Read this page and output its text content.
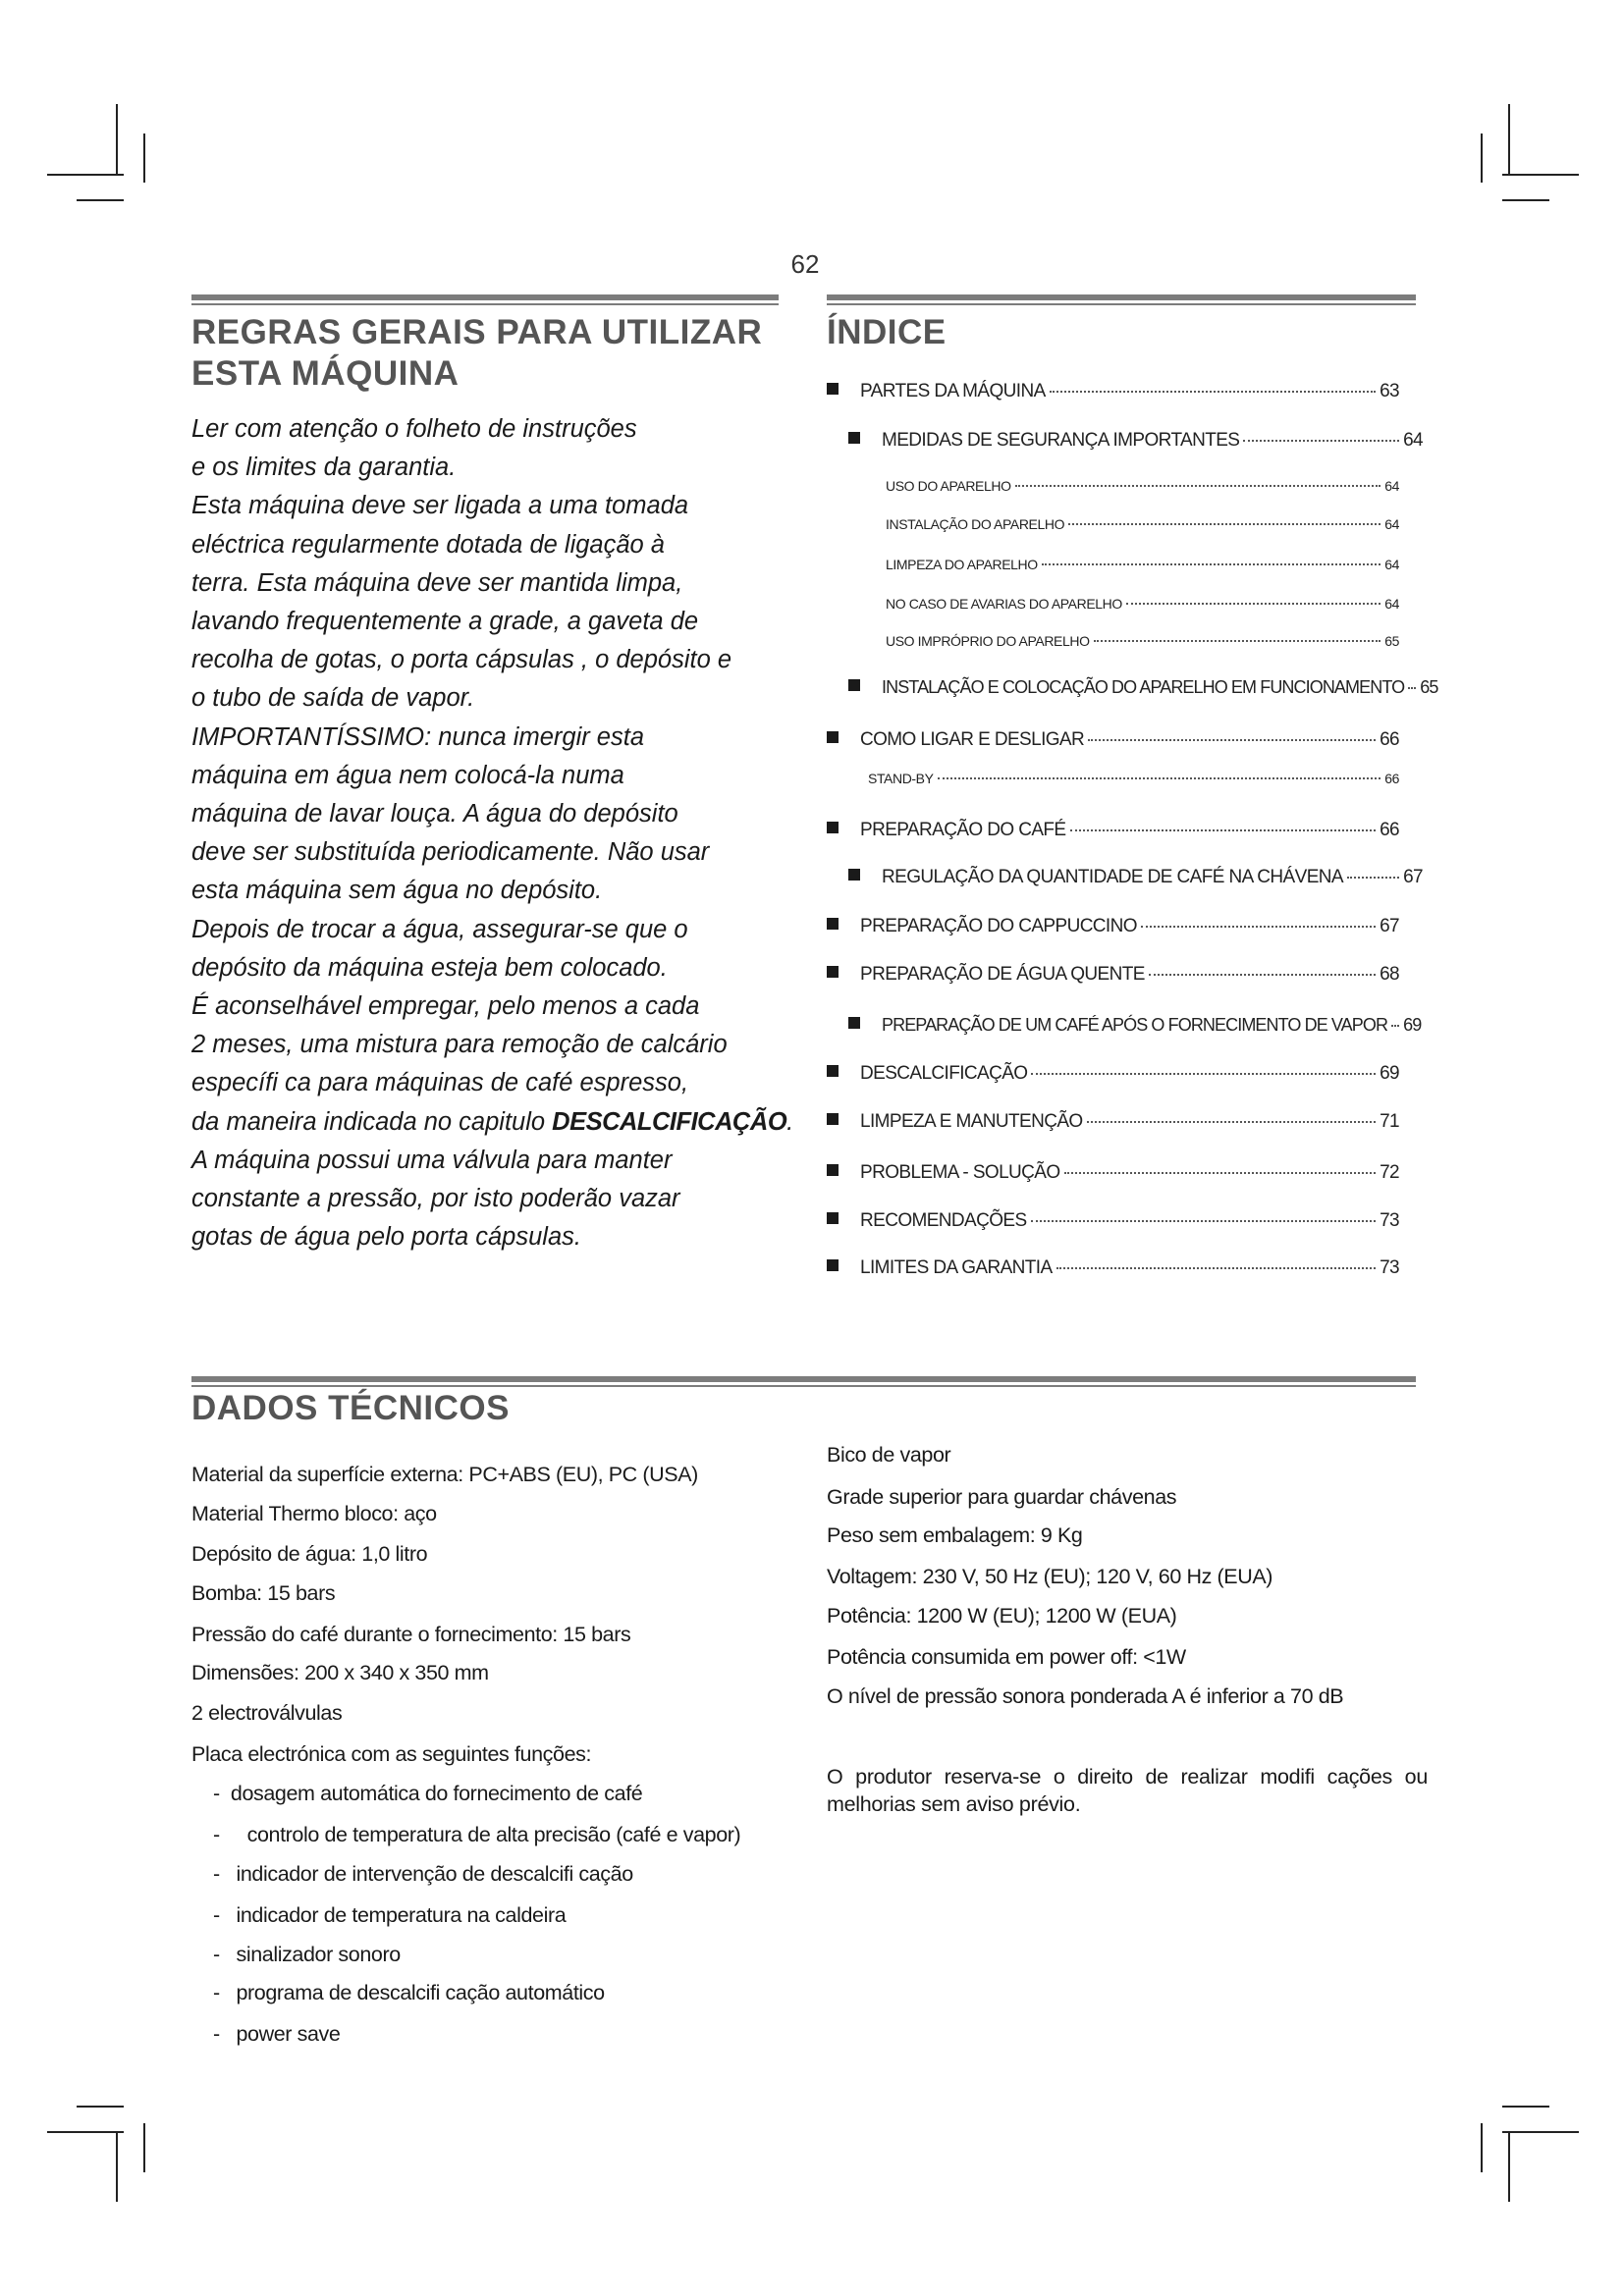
62
REGRAS GERAIS PARA UTILIZAR
ESTA MÁQUINA
Ler com atenção o folheto de instruções
e os limites da garantia.
Esta máquina deve ser ligada a uma tomada
eléctrica regularmente dotada de ligação à
terra. Esta máquina deve ser mantida limpa,
lavando frequentemente a grade, a gaveta de
recolha de gotas, o porta cápsulas , o depósito e
o tubo de saída de vapor.
IMPORTANTÍSSIMO: nunca imergir esta
máquina em água nem colocá-la numa
máquina de lavar louça. A água do depósito
deve ser substituída periodicamente. Não usar
esta máquina sem água no depósito.
Depois de trocar a água, assegurar-se que o
depósito da máquina esteja bem colocado.
É aconselhável empregar, pelo menos a cada
2 meses, uma mistura para remoção de calcário
específi ca para máquinas de café espresso,
da maneira indicada no capitulo DESCALCIFICAÇÃO.
A máquina possui uma válvula para manter
constante a pressão, por isto poderão vazar
gotas de água pelo porta cápsulas.
ÍNDICE
PARTES DA MÁQUINA	63
MEDIDAS DE SEGURANÇA IMPORTANTES	64
USO DO APARELHO	64
INSTALAÇÃO DO APARELHO	64
LIMPEZA DO APARELHO	64
NO CASO DE AVARIAS DO APARELHO	64
USO IMPRÓPRIO DO APARELHO	65
INSTALAÇÃO E COLOCAÇÃO DO APARELHO EM FUNCIONAMENTO 65
COMO LIGAR E DESLIGAR	66
STAND-BY	66
PREPARAÇÃO DO CAFÉ	66
REGULAÇÃO DA QUANTIDADE DE CAFÉ NA CHÁVENA	67
PREPARAÇÃO DO CAPPUCCINO	67
PREPARAÇÃO DE ÁGUA QUENTE	68
PREPARAÇÃO DE UM CAFÉ APÓS O FORNECIMENTO DE VAPOR 69
DESCALCIFICAÇÃO	69
LIMPEZA E MANUTENÇÃO	71
PROBLEMA - SOLUÇÃO	72
RECOMENDAÇÕES	73
LIMITES DA GARANTIA	73
DADOS TÉCNICOS
Material da superfície externa: PC+ABS (EU), PC (USA)
Material Thermo bloco: aço
Depósito de água: 1,0 litro
Bomba: 15 bars
Pressão do café durante o fornecimento: 15 bars
Dimensões: 200 x 340 x 350 mm
2 electroválvulas
Placa electrónica com as seguintes funções:
-  dosagem automática do fornecimento de café
-     controlo de temperatura de alta precisão (café e vapor)
-   indicador de intervenção de descalcifi cação
-   indicador de temperatura na caldeira
-   sinalizador sonoro
-   programa de descalcifi cação automático
-   power save
Bico de vapor
Grade superior para guardar chávenas
Peso sem embalagem: 9 Kg
Voltagem: 230 V, 50 Hz (EU); 120 V, 60 Hz (EUA)
Potência: 1200 W (EU); 1200 W (EUA)
Potência consumida em power off: <1W
O nível de pressão sonora ponderada A é inferior a 70 dB
O produtor reserva-se o direito de realizar modifi cações ou melhorias sem aviso prévio.
